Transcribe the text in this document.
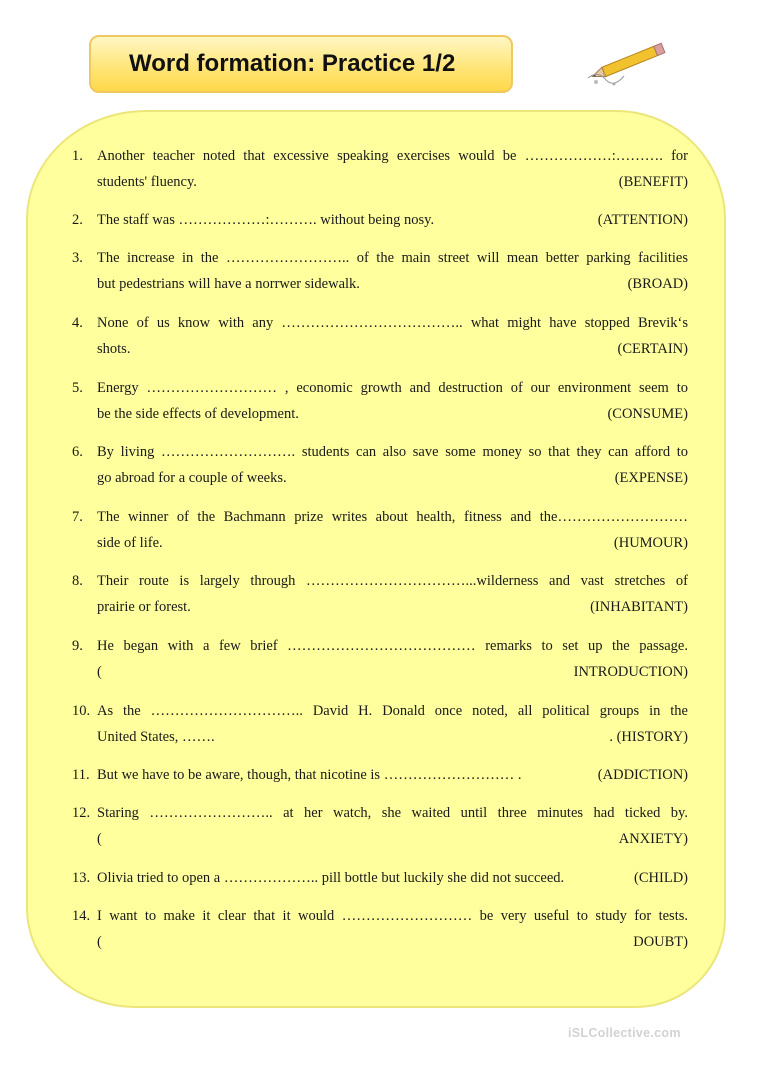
Word formation: Practice 1/2
1. Another teacher noted that excessive speaking exercises would be ………………:………. for
students' fluency.	(BENEFIT)
2. The staff was ………………:………. without being nosy.	(ATTENTION)
3. The increase in the …………………….. of the main street will mean better parking facilities
but pedestrians will have a norrwer sidewalk.	(BROAD)
4. None of us know with any ……………………………….. what might have stopped Brevik‘s
shots.	(CERTAIN)
5. Energy ……………………… , economic growth and destruction of our environment seem to
be the side effects of development.	(CONSUME)
6. By living ………………………. students can also save some money so that they can afford to
go abroad for a couple of weeks.	(EXPENSE)
7. The winner of the Bachmann prize writes about health, fitness and the………………………
side of life.	(HUMOUR)
8. Their route is largely through ……………………………...wilderness and vast stretches of
prairie or forest.	(INHABITANT)
9. He began with a few brief ………………………………… remarks to set up the passage.
(	INTRODUCTION)
10. As the ………………………….. David H. Donald once noted, all political groups in the
United States, …….	. (HISTORY)
11. But we have to be aware, though, that nicotine is ……………………… .	(ADDICTION)
12. Staring …………………….. at her watch, she waited until three minutes had ticked by.
(	ANXIETY)
13. Olivia tried to open a ……………….. pill bottle but luckily she did not succeed.	(CHILD)
14. I want to make it clear that it would ……………………… be very useful to study for tests.
(	DOUBT)
iSLCollective.com
